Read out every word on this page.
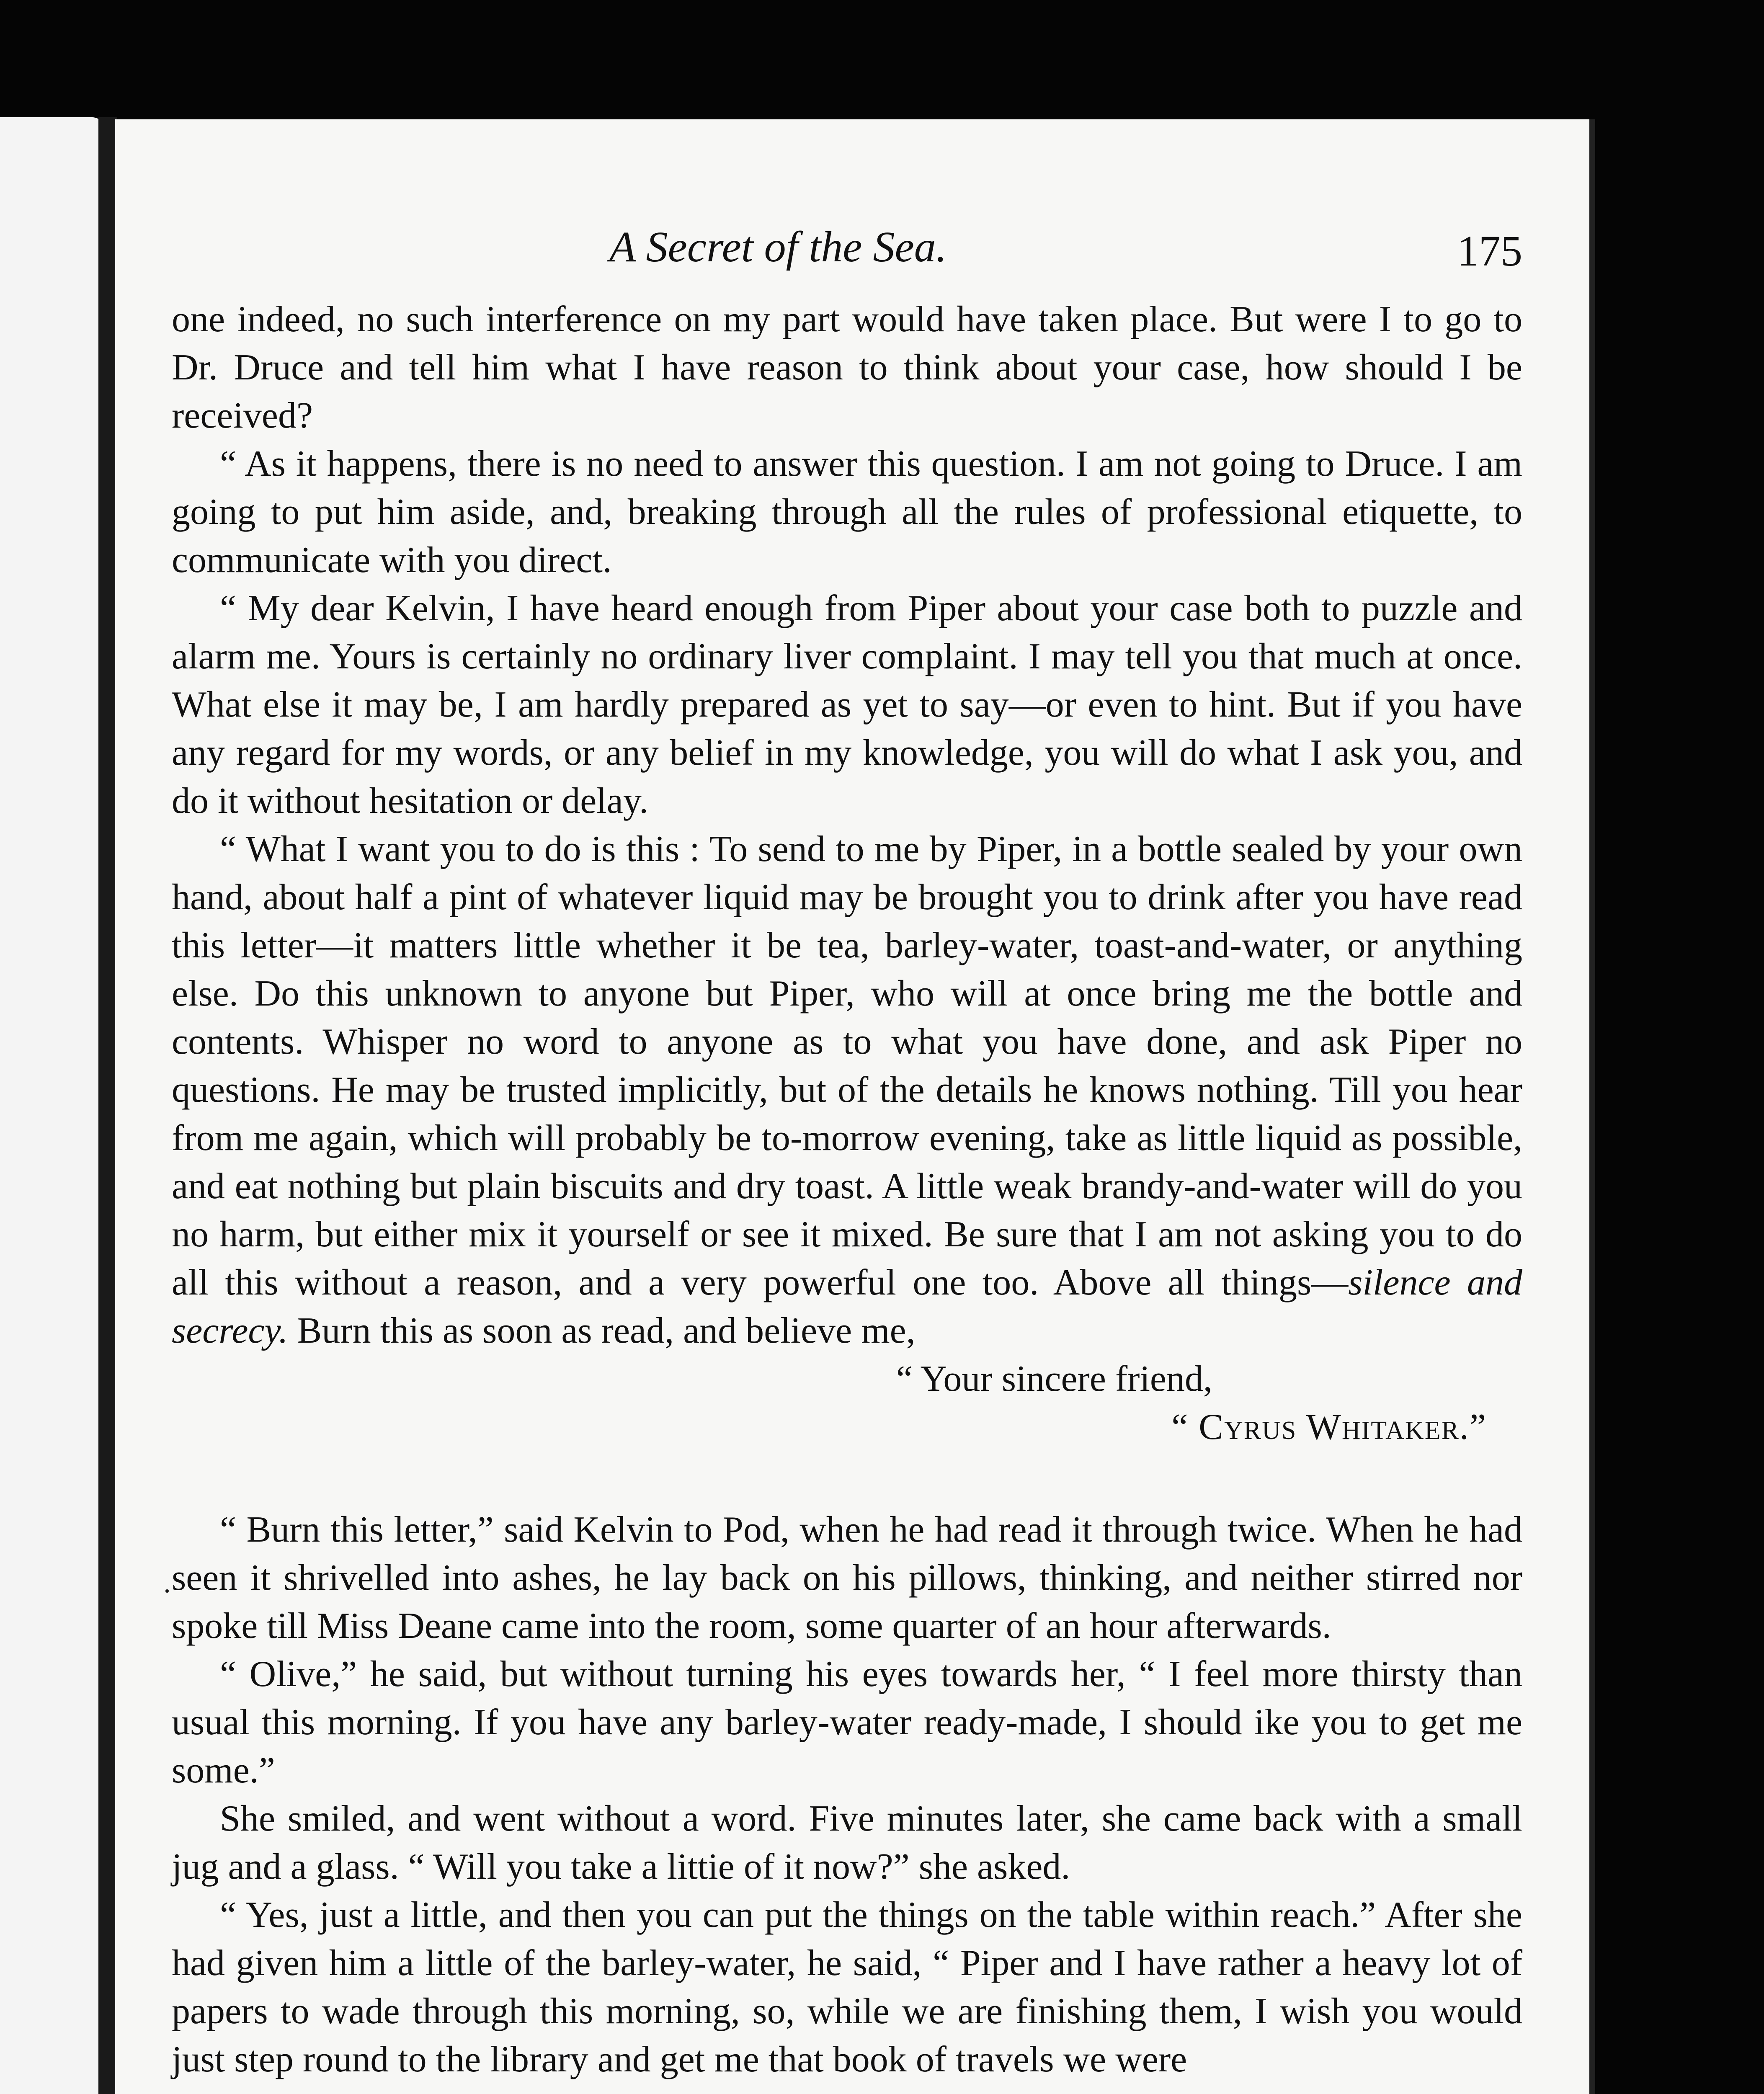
A Secret of the Sea.	175

one indeed, no such interference on my part would have taken place. But were I to go to Dr. Druce and tell him what I have reason to think about your case, how should I be received?

“ As it happens, there is no need to answer this question. I am not going to Druce. I am going to put him aside, and, breaking through all the rules of professional etiquette, to communicate with you direct.

“ My dear Kelvin, I have heard enough from Piper about your case both to puzzle and alarm me. Yours is certainly no ordinary liver complaint. I may tell you that much at once. What else it may be, I am hardly prepared as yet to say—or even to hint. But if you have any regard for my words, or any belief in my knowledge, you will do what I ask you, and do it without hesitation or delay.

“ What I want you to do is this : To send to me by Piper, in a bottle sealed by your own hand, about half a pint of whatever liquid may be brought you to drink after you have read this letter—it matters little whether it be tea, barley-water, toast-and-water, or anything else. Do this unknown to anyone but Piper, who will at once bring me the bottle and contents. Whisper no word to anyone as to what you have done, and ask Piper no questions. He may be trusted implicitly, but of the details he knows nothing. Till you hear from me again, which will probably be to-morrow evening, take as little liquid as possible, and eat nothing but plain biscuits and dry toast. A little weak brandy-and-water will do you no harm, but either mix it yourself or see it mixed. Be sure that I am not asking you to do all this without a reason, and a very powerful one too. Above all things—silence and secrecy. Burn this as soon as read, and believe me,

“ Your sincere friend,

“ Cyrus Whitaker.”

“ Burn this letter,” said Kelvin to Pod, when he had read it through twice. When he had seen it shrivelled into ashes, he lay back on his pillows, thinking, and neither stirred nor spoke till Miss Deane came into the room, some quarter of an hour afterwards.

“ Olive,” he said, but without turning his eyes towards her, “ I feel more thirsty than usual this morning. If you have any barley-water ready-made, I should ike you to get me some.”

She smiled, and went without a word. Five minutes later, she came back with a small jug and a glass. “ Will you take a littie of it now?” she asked.

“ Yes, just a little, and then you can put the things on the table within reach.” After she had given him a little of the barley-water, he said, “ Piper and I have rather a heavy lot of papers to wade through this morning, so, while we are finishing them, I wish you would just step round to the library and get me that book of travels we were
